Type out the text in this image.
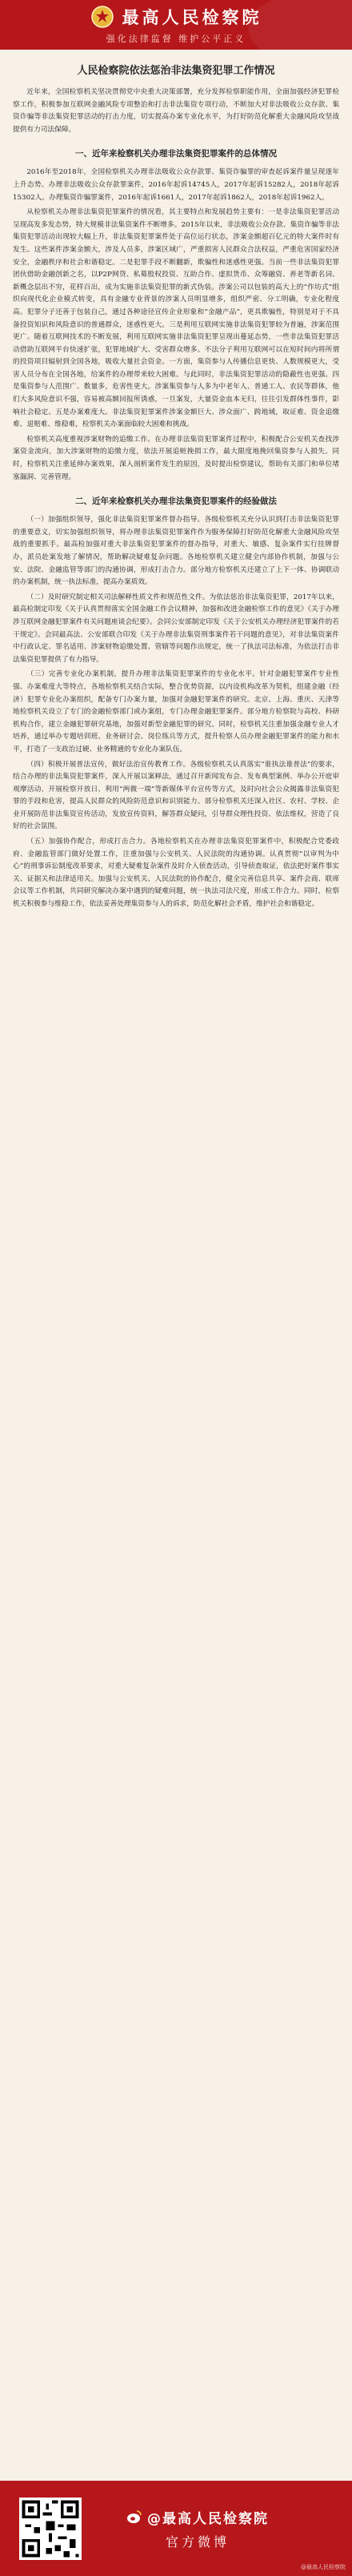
最高人民检察院
强化法律监督 维护公平正义
人民检察院依法惩治非法集资犯罪工作情况

近年来，全国检察机关坚决贯彻党中央重大决策部署，充分发挥检察职能作用，全面加强经济犯罪检察工作，积极参加互联网金融风险专项整治和打击非法集资专项行动，不断加大对非法吸收公众存款、集资诈骗等非法集资犯罪活动的打击力度，切实提高办案专业化水平，为打好防范化解重大金融风险攻坚战提供有力司法保障。

一、近年来检察机关办理非法集资犯罪案件的总体情况

2016年至2018年，全国检察机关办理非法吸收公众存款罪、集资诈骗罪的审查起诉案件量呈现逐年上升态势。办理非法吸收公众存款罪案件，2016年起诉14745人，2017年起诉15282人，2018年起诉15302人。办理集资诈骗罪案件，2016年起诉1661人，2017年起诉1862人，2018年起诉1962人。

从检察机关办理非法集资犯罪案件的情况看，其主要特点和发展趋势主要有：一是非法集资犯罪活动呈现高发多发态势，特大规模非法集资案件不断增多。2015年以来，非法吸收公众存款、集资诈骗等非法集资犯罪活动出现较大幅上升，非法集资犯罪案件处于高位运行状态，涉案金额超百亿元的特大案件时有发生。这些案件涉案金额大，涉及人员多，涉案区域广，严重损害人民群众合法权益，严重危害国家经济安全，金融秩序和社会和谐稳定。二是犯罪手段不断翻新，欺骗性和迷惑性更强。当前一些非法集资犯罪团伙借助金融创新之名，以P2P网贷、私募股权投资、互助合作、虚拟货币、众筹融资、养老等新名词、新概念层出不穷，花样百出，成为实施非法集资犯罪的新式伪装。涉案公司以包装的高大上的“作坊式”组织向现代化企业模式转变，具有金融专业背景的涉案人员明显增多，组织严密、分工明确，专业化程度高。犯罪分子还善于包装自己，通过各种途径宣传企业形象和“金融产品”，更具欺骗性，特别是对于不具备投资知识和风险意识的普通群众，迷惑性更大。三是利用互联网实施非法集资犯罪较为普遍，涉案范围更广。随着互联网技术的不断发展，利用互联网实施非法集资犯罪呈现出蔓延态势，一些非法集资犯罪活动借助互联网平台快速扩张，犯罪地域扩大、受害群众增多。不法分子利用互联网可以在短时间内将所谓的投资项目辐射到全国各地，吸收大量社会资金。一方面，集资参与人传播信息更快、人数规模更大，受害人员分布在全国各地，给案件的办理带来较大困难。与此同时，非法集资犯罪活动的隐蔽性也更强。四是集资参与人范围广、数量多，危害性更大。涉案集资参与人多为中老年人、普通工人、农民等群体，他们大多风险意识不强，容易被高额回报所诱惑，一旦案发，大量资金血本无归，往往引发群体性事件，影响社会稳定。五是办案难度大。非法集资犯罪案件涉案金额巨大、涉众面广、跨地域，取证难、资金追缴难、退赔难、维稳难，检察机关办案面临较大困难和挑战。

检察机关高度重视涉案财物的追缴工作。在办理非法集资犯罪案件过程中，积极配合公安机关查找涉案资金流向，加大涉案财物的追缴力度，依法开展追赃挽损工作，最大限度地挽回集资参与人损失。同时，检察机关注重延伸办案效果，深入剖析案件发生的原因，及时提出检察建议，帮助有关部门和单位堵塞漏洞、完善管理。

二、近年来检察机关办理非法集资犯罪案件的经验做法

（一）加强组织领导，强化非法集资犯罪案件督办指导。各级检察机关充分认识到打击非法集资犯罪的重要意义，切实加强组织领导，将办理非法集资犯罪案件作为服务保障打好防范化解重大金融风险攻坚战的重要抓手。最高检加强对重大非法集资犯罪案件的督办指导，对重大、敏感、复杂案件实行挂牌督办，派员赴案发地了解情况，帮助解决疑难复杂问题。各地检察机关建立健全内部协作机制，加强与公安、法院、金融监管等部门的沟通协调，形成打击合力。部分地方检察机关还建立了上下一体、协调联动的办案机制，统一执法标准，提高办案质效。

（二）及时研究制定相关司法解释性质文件和规范性文件。为依法惩治非法集资犯罪，2017年以来，最高检制定印发《关于认真贯彻落实全国金融工作会议精神，加强和改进金融检察工作的意见》《关于办理涉互联网金融犯罪案件有关问题座谈会纪要》。会同公安部制定印发《关于公安机关办理经济犯罪案件的若干规定》。会同最高法、公安部联合印发《关于办理非法集资刑事案件若干问题的意见》，对非法集资案件中行政认定、罪名适用、涉案财物追缴处置、管辖等问题作出规定，统一了执法司法标准，为依法打击非法集资犯罪提供了有力指导。

（三）完善专业化办案机制，提升办理非法集资犯罪案件的专业化水平。针对金融犯罪案件专业性强、办案难度大等特点，各地检察机关结合实际，整合优势资源，以内设机构改革为契机，组建金融（经济）犯罪专业化办案组织，配备专门办案力量，加强对金融犯罪案件的研究。北京、上海、重庆、天津等地检察机关设立了专门的金融检察部门或办案组，专门办理金融犯罪案件。部分地方检察院与高校、科研机构合作，建立金融犯罪研究基地，加强对新型金融犯罪的研究。同时，检察机关注重加强金融专业人才培养，通过举办专题培训班、业务研讨会、岗位练兵等方式，提升检察人员办理金融犯罪案件的能力和水平，打造了一支政治过硬、业务精通的专业化办案队伍。

（四）积极开展普法宣传，做好法治宣传教育工作。各级检察机关认真落实“谁执法谁普法”的要求，结合办理的非法集资犯罪案件，深入开展以案释法，通过召开新闻发布会、发布典型案例、举办公开庭审观摩活动、开展检察开放日、利用“两微一端”等新媒体平台宣传等方式，及时向社会公众揭露非法集资犯罪的手段和危害，提高人民群众的风险防范意识和识别能力。部分检察机关还深入社区、农村、学校、企业开展防范非法集资宣传活动，发放宣传资料，解答群众疑问，引导群众理性投资、依法维权，营造了良好的社会氛围。

（五）加强协作配合，形成打击合力。各地检察机关在办理非法集资犯罪案件中，积极配合党委政府、金融监管部门做好处置工作，注重加强与公安机关、人民法院的沟通协调。认真贯彻“以审判为中心”的刑事诉讼制度改革要求，对重大疑难复杂案件及时介入侦查活动，引导侦查取证，依法把好案件事实关、证据关和法律适用关。加强与公安机关、人民法院的协作配合，健全完善信息共享、案件会商、联席会议等工作机制，共同研究解决办案中遇到的疑难问题，统一执法司法尺度，形成工作合力。同时，检察机关积极参与维稳工作，依法妥善处理集资参与人的诉求，防范化解社会矛盾，维护社会和谐稳定。

@最高人民检察院
官方微博
@最高人民检察院
